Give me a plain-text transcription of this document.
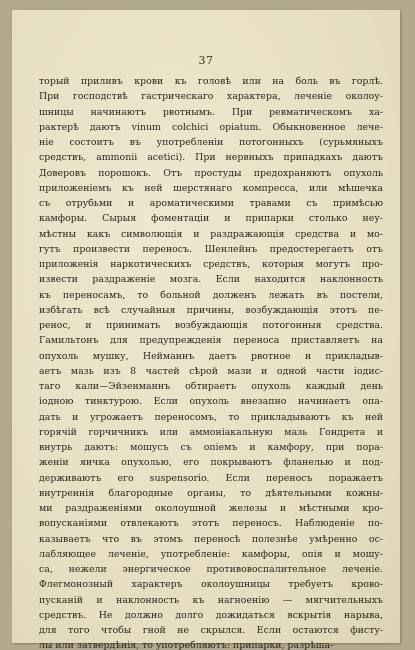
37
торый приливъ крови къ головѣ или на боль въ горлѣ.
При господствѣ гастрическаго характера, леченіе околоу-
шницы начинаютъ рвотнымъ. При ревматическомъ ха-
рактерѣ даютъ vinum colchici opiatum. Обыкновенное лече-
ніе состоитъ въ употребленіи потогонныхъ (сурьмяныхъ
средствъ, ammonii acetici). При нервныхъ припадкахъ даютъ
Доверовъ порошокъ. Отъ простуды предохраняютъ опухоль
приложеніемъ къ ней шерстянаго компресса, или мѣшечка
съ отрубьми и ароматическими травами съ примѣсью
камфоры. Сырыя фоментаціи и припарки столько неу-
мѣстны какъ символющія и раздражающія средства и мо-
гутъ произвести переносъ. Шенлейнъ предостерегаетъ отъ
приложенія наркотическихъ средствъ, которыя могутъ про-
извести раздраженіе мозга. Если находится наклонность
къ переносамъ, то больной долженъ лежать въ постели,
избѣгать всѣ случайныя причины, возбуждающія этотъ пе-
ренос, и принимать возбуждающія потогонныя средства.
Гамильтонъ для предупрежденія переноса приставляетъ на
опухоль мушку, Нейманнъ даетъ рвотное и прикладыв-
аетъ мазь изъ 8 частей сѣрой мази и одной части іодис-
таго кали—Эйзенманнъ обтираетъ опухоль каждый день
іодною тинктурою. Если опухоль внезапно начинаетъ опа-
дать и угрожаетъ переносомъ, то прикладываютъ къ ней
горячій горчичникъ или аммоніакальную мазь Гондрета и
внутрь даютъ: мошусъ съ опіемъ и камфору, при пора-
женіи яичка опухолью, его покрываютъ фланелью и под-
держиваютъ его suspensorio. Если переносъ поражаетъ
внутреннія благородные органы, то дѣятельными кожны-
ми раздраженіями околоушной железы и мѣстными кро-
вопусканіями отвлекаютъ этотъ переносъ. Наблюденіе по-
казываетъ что въ этомъ переносѣ полезнѣе умѣренно ос-
лабляющее леченіе, употребленіе: камфоры, опія и мошу-
са, нежели энергическое противовоспалительное леченіе.
Флегмонозный характеръ околоушницы требуетъ крово-
пусканій и наклонность къ нагноенію — мягчительныхъ
средствъ. Не должно долго дожидаться вскрытія нарыва,
для того чтобы гной не скрылся. Если остаются фисту-
лы или затвердѣнія, то употребляютъ: припарки, разрѣша-
